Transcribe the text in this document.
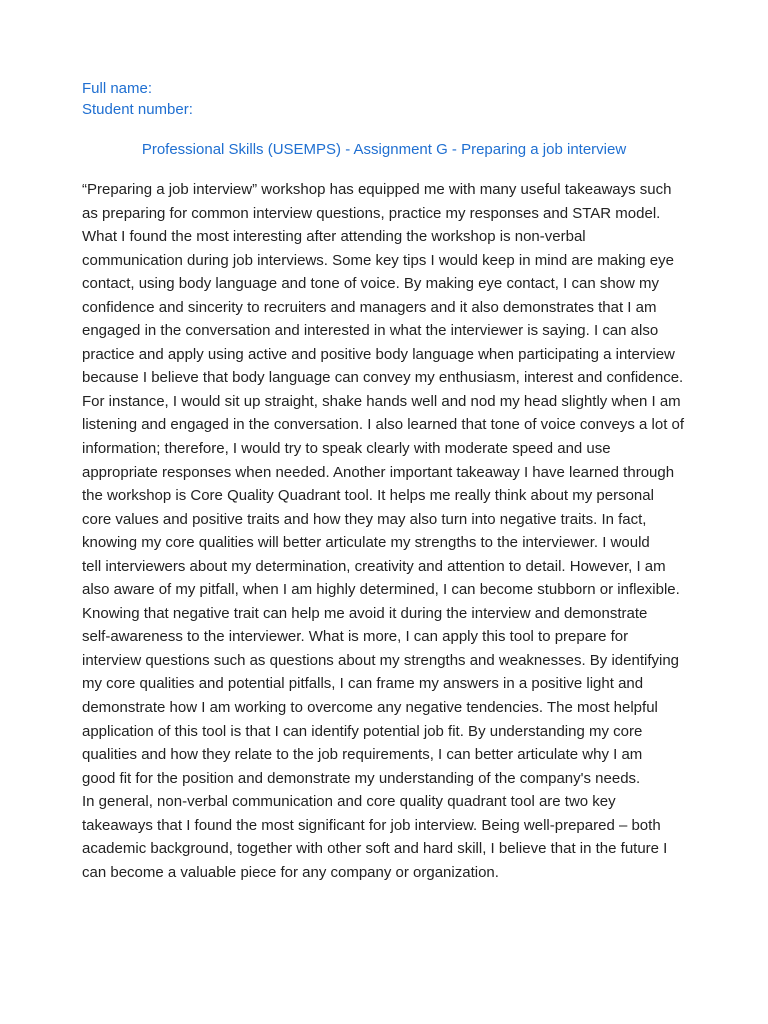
Full name:
Student number:
Professional Skills (USEMPS) - Assignment G - Preparing a job interview
“Preparing a job interview” workshop has equipped me with many useful takeaways such
as preparing for common interview questions, practice my responses and STAR model.
What I found the most interesting after attending the workshop is non-verbal
communication during job interviews. Some key tips I would keep in mind are making eye
contact, using body language and tone of voice. By making eye contact, I can show my
confidence and sincerity to recruiters and managers and it also demonstrates that I am
engaged in the conversation and interested in what the interviewer is saying. I can also
practice and apply using active and positive body language when participating a interview
because I believe that body language can convey my enthusiasm, interest and confidence.
For instance, I would sit up straight, shake hands well and nod my head slightly when I am
listening and engaged in the conversation. I also learned that tone of voice conveys a lot of
information; therefore, I would try to speak clearly with moderate speed and use
appropriate responses when needed. Another important takeaway I have learned through
the workshop is Core Quality Quadrant tool. It helps me really think about my personal
core values and positive traits and how they may also turn into negative traits. In fact,
knowing my core qualities will better articulate my strengths to the interviewer. I would
tell interviewers about my determination, creativity and attention to detail. However, I am
also aware of my pitfall, when I am highly determined, I can become stubborn or inflexible.
Knowing that negative trait can help me avoid it during the interview and demonstrate
self-awareness to the interviewer. What is more, I can apply this tool to prepare for
interview questions such as questions about my strengths and weaknesses. By identifying
my core qualities and potential pitfalls, I can frame my answers in a positive light and
demonstrate how I am working to overcome any negative tendencies. The most helpful
application of this tool is that I can identify potential job fit. By understanding my core
qualities and how they relate to the job requirements, I can better articulate why I am
good fit for the position and demonstrate my understanding of the company's needs.
In general, non-verbal communication and core quality quadrant tool are two key
takeaways that I found the most significant for job interview. Being well-prepared – both
academic background, together with other soft and hard skill, I believe that in the future I
can become a valuable piece for any company or organization.
